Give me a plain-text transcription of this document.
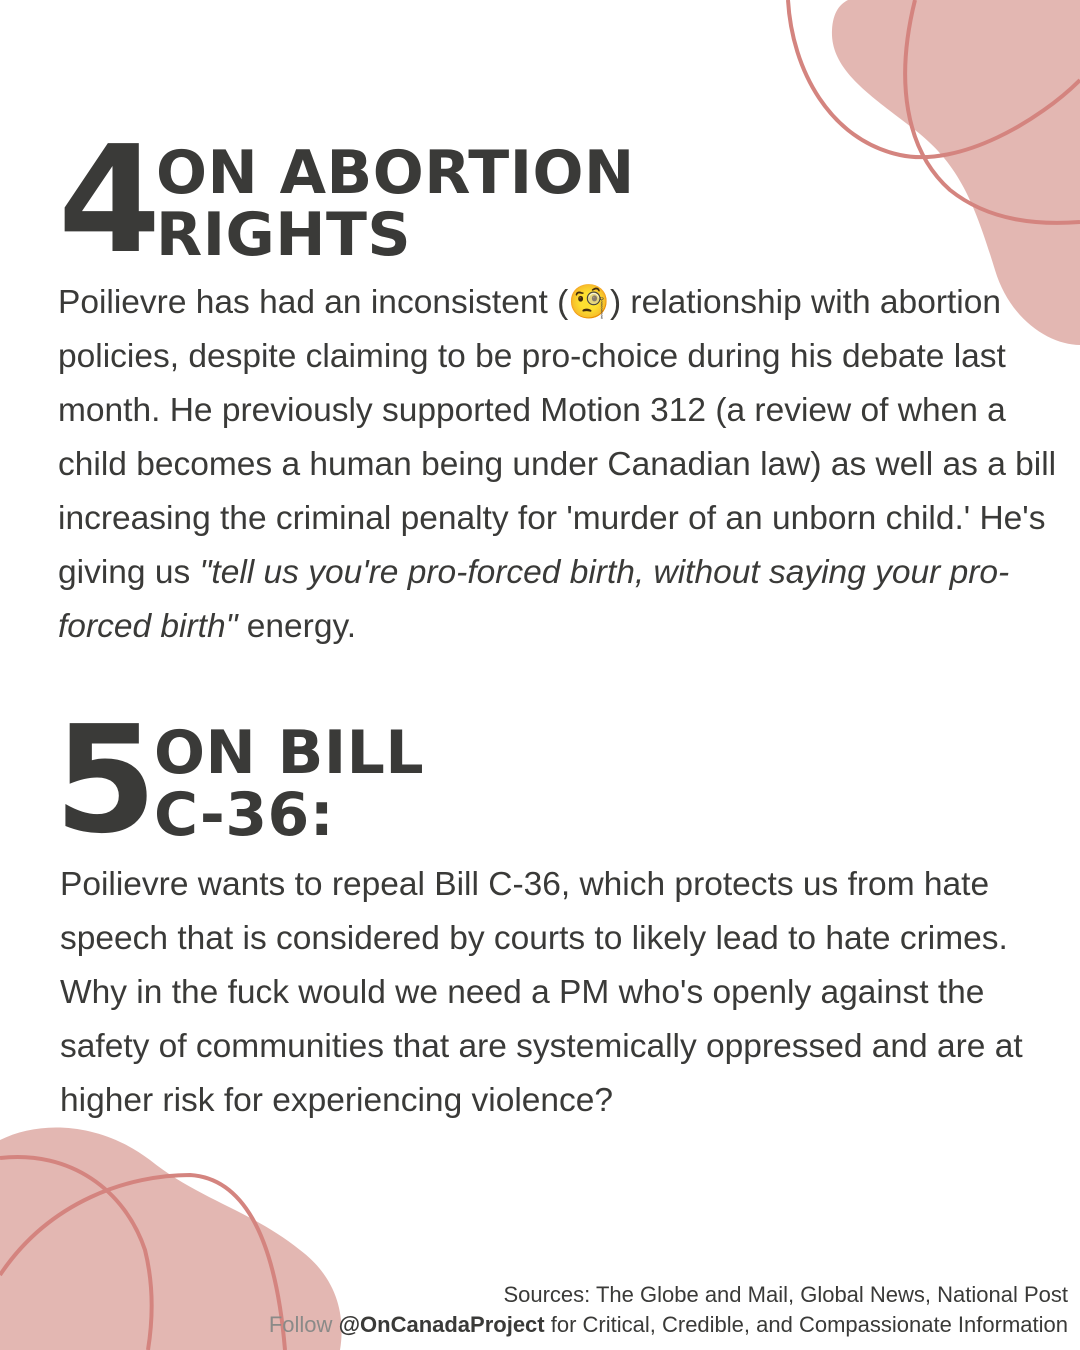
4 ON ABORTION
RIGHTS

Poilievre has had an inconsistent (🧐) relationship with abortion policies, despite claiming to be pro-choice during his debate last month. He previously supported Motion 312 (a review of when a child becomes a human being under Canadian law) as well as a bill increasing the criminal penalty for 'murder of an unborn child.' He's giving us "tell us you're pro-forced birth, without saying your pro-forced birth" energy.

5 ON BILL
C-36:

Poilievre wants to repeal Bill C-36, which protects us from hate speech that is considered by courts to likely lead to hate crimes. Why in the fuck would we need a PM who's openly against the safety of communities that are systemically oppressed and are at higher risk for experiencing violence?

Sources: The Globe and Mail, Global News, National Post
Follow @OnCanadaProject for Critical, Credible, and Compassionate Information
